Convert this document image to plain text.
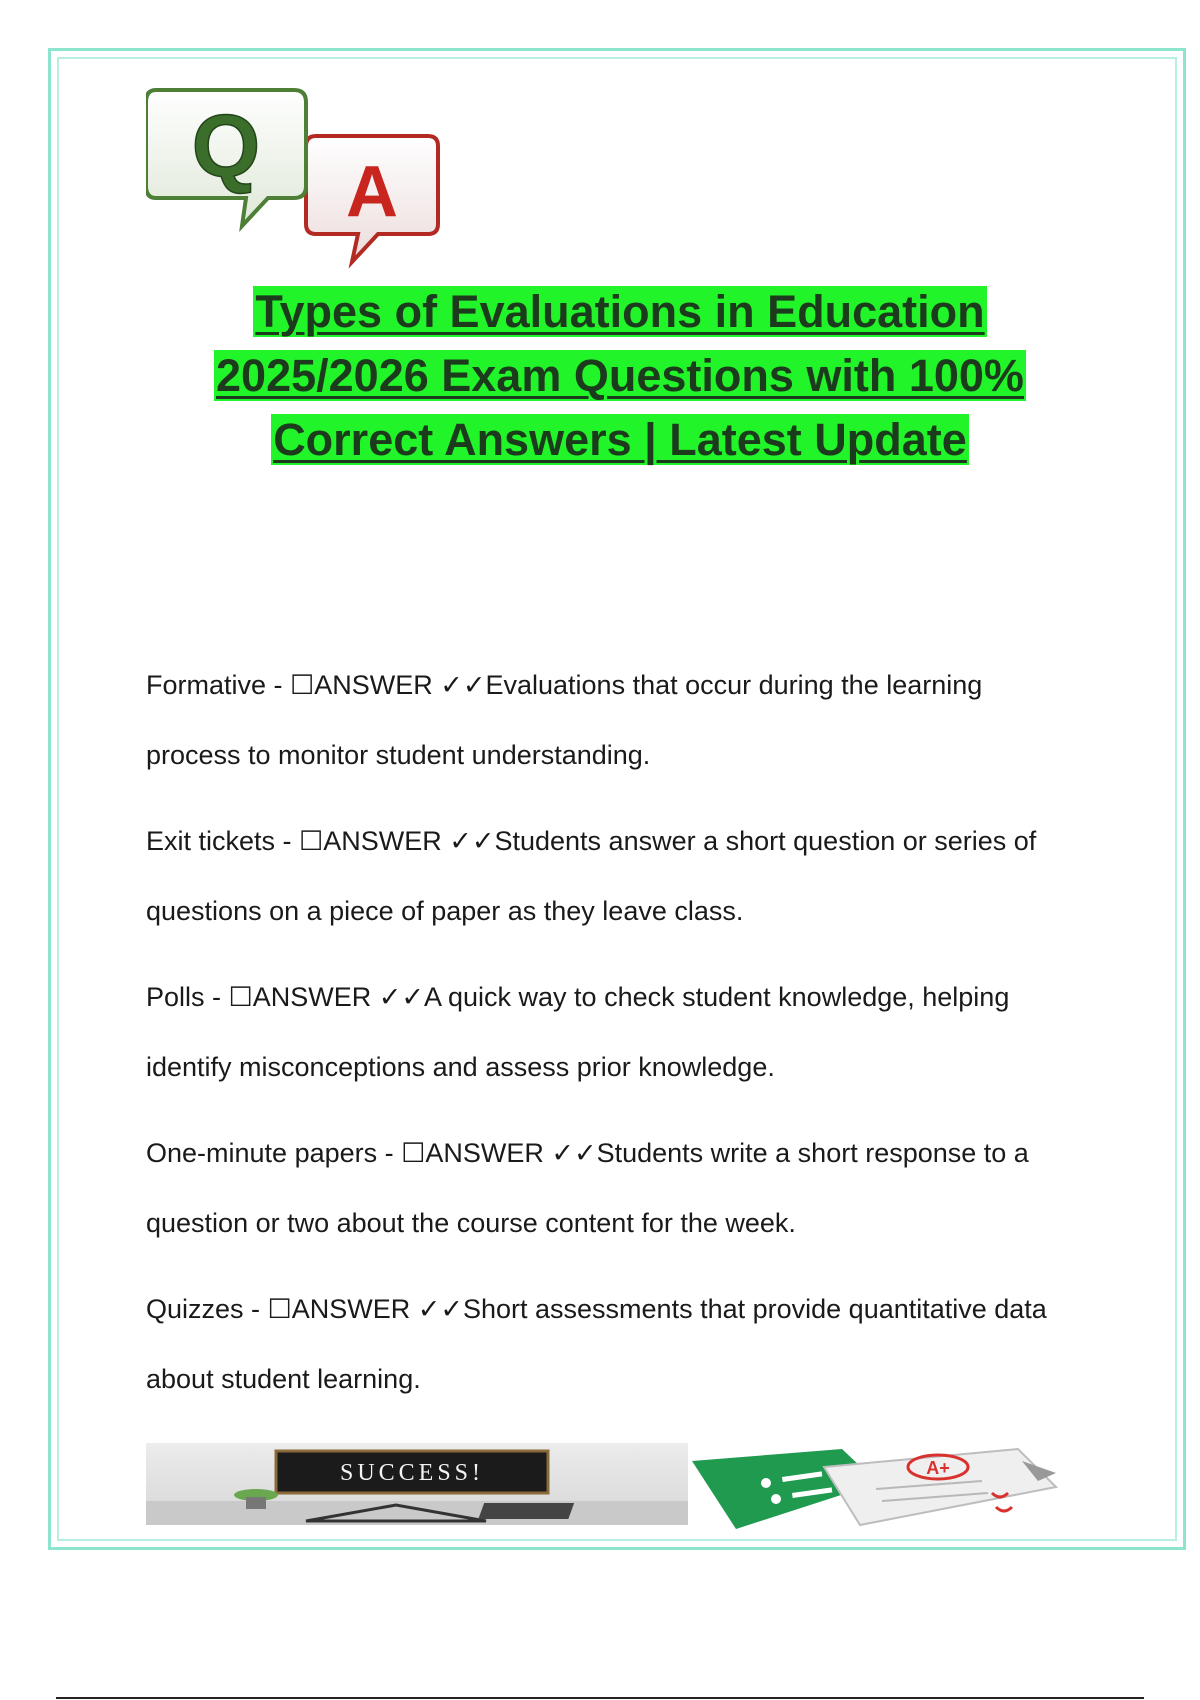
Q A
Types of Evaluations in Education
2025/2026 Exam Questions with 100%
Correct Answers | Latest Update
Formative - ☐ANSWER ✓✓Evaluations that occur during the learning
process to monitor student understanding.
Exit tickets - ☐ANSWER ✓✓Students answer a short question or series of
questions on a piece of paper as they leave class.
Polls - ☐ANSWER ✓✓A quick way to check student knowledge, helping
identify misconceptions and assess prior knowledge.
One-minute papers - ☐ANSWER ✓✓Students write a short response to a
question or two about the course content for the week.
Quizzes - ☐ANSWER ✓✓Short assessments that provide quantitative data
about student learning.
SUCCESS!	A+
